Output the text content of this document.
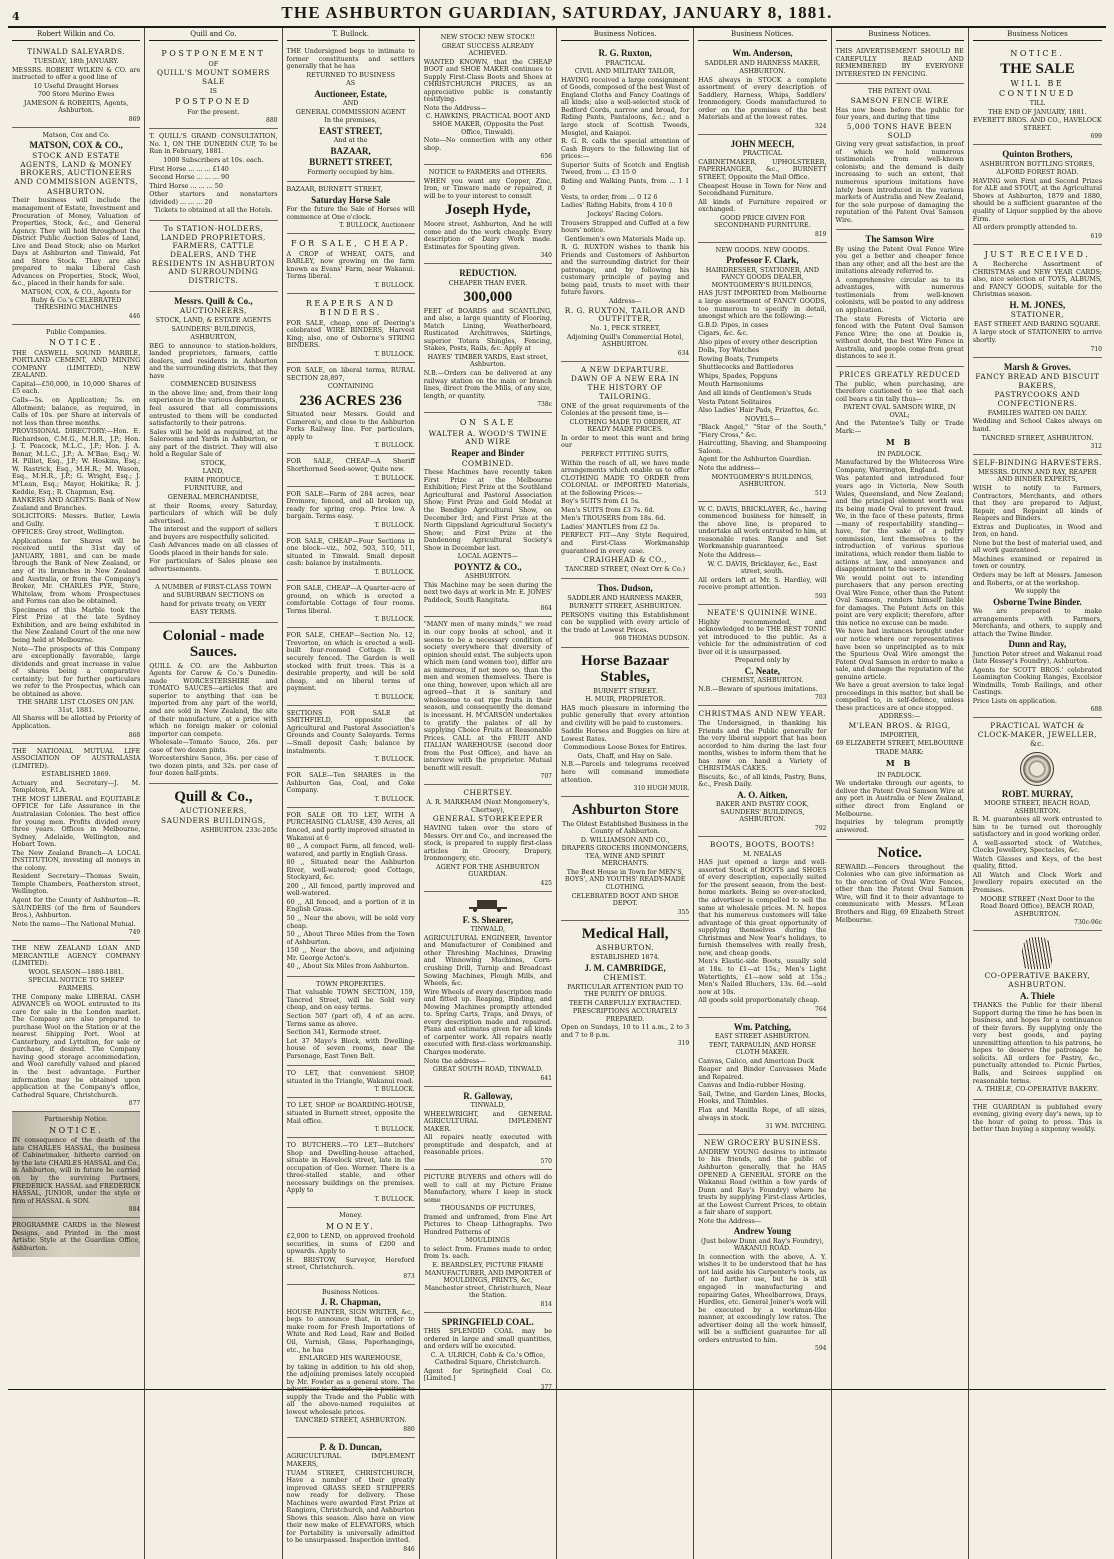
4	THE ASHBURTON GUARDIAN, SATURDAY, JANUARY 8, 1881.
Robert Wilkin and Co.
TINWALD SALEYARDS.
TUESDAY, 18th JANUARY.
MESSRS. ROBERT WILKIN & CO. are instructed to offer a good line of
10 Useful Draught Horses
700 Store Merino Ewes
JAMESON & ROBERTS, Agents, Ashburton.
869
Matson, Cox and Co.
MATSON, COX & CO.,
STOCK AND ESTATE AGENTS, LAND & MONEY BROKERS, AUCTIONEERS AND COMMISSION AGENTS,
ASHBURTON.
Their business will include the management of Estate, Investment and Procuration of Money, Valuation of Properties, Stock, &c., and General Agency. They will hold throughout the District Public Auction Sales of Land, Live and Dead Stock; also on Market Days at Ashburton and Tinwald, Fat and Store Stock. They are also prepared to make Liberal Cash Advances on Properties, Stock, Wool, &c., placed in their hands for sale.
MATSON, COX, & CO., Agents for Ruby & Co.'s CELEBRATED THRESHING MACHINES
446
Public Companies.
NOTICE.
THE CASWELL SOUND MARBLE, PORTLAND CEMENT, AND MINING COMPANY (LIMITED), NEW ZEALAND.
Capital—£50,000, in 10,000 Shares of £5 each.
Calls—5s. on Application; 5s. on Allotment; balance, as required, in Calls of 10s. per Share at intervals of not less than three months.
PROVISIONAL DIRECTORY:—Hon. E. Richardson, C.M.G., M.H.R., J.P.; Hon. J. T. Peacock, M.L.C., J.P.; Hon. J. A. Bonar, M.L.C., J.P.; A. M'Bae, Esq.; W. H. Pilliet, Esq., J.P.; W. Hoskins, Esq.; W. Rastrick, Esq., M.H.R.; M. Wason, Esq., M.H.R., J.P.; G. Wright, Esq.; J. M'Lean, Esq.; Mayor, Hokitika; R. J. Keddie, Esq.; R. Chapman, Esq.
BANKERS AND AGENTS: Bank of New Zealand and Branches.
SOLICITORS: Messrs. Butler, Lewis and Gully.
OFFICES: Grey street, Wellington.
Applications for Shares will be received until the 31st day of JANUARY, 1881, and can be made through the Bank of New Zealand, or any of its branches in New Zealand and Australia, or from the Company's Broker, Mr. CHARLES PYE, Store, Whitelaw, from whom Prospectuses and Forms can also be obtained.
Specimens of this Marble took the First Prize at the late Sydney Exhibition, and are being exhibited in the New Zealand Court of the one now being held at Melbourne.
Note—The prospects of this Company are exceptionally favorable, large dividends and great increase in value of shares being a comparative certainty; but for further particulars we refer to the Prospectus, which can be obtained as above.
THE SHARE LIST CLOSES ON JAN. 31st, 1881.
All Shares will be allotted by Priority of Application.
868
THE NATIONAL MUTUAL LIFE ASSOCIATION OF AUSTRALASIA (LIMITED).
ESTABLISHED 1869.
Actuary and Secretary—J. M. Templeton, F.I.A.
THE MOST LIBERAL and EQUITABLE OFFICE for Life Assurance in the Australasian Colonies. The best office for young men. Profits divided every three years. Offices in Melbourne, Sydney, Adelaide, Wellington, and Hobart Town.
The New Zealand Branch—A LOCAL INSTITUTION, investing all moneys in the colony.
Resident Secretary—Thomas Swain, Temple Chambers, Featherston street, Wellington.
Agent for the County of Ashburton—R. SAUNDERS (of the firm of Saunders Bros.), Ashburton.
Note the name—The National Mutual.
749
THE NEW ZEALAND LOAN AND MERCANTILE AGENCY COMPANY (LIMITED).
WOOL SEASON—1880-1881.
SPECIAL NOTICE TO SHEEP FARMERS.
THE Company make LIBERAL CASH ADVANCES on WOOL entrusted to its care for sale in the London market. The Company are also prepared to purchase Wool on the Station or at the nearest Shipping Port. Wool at Canterbury, and Lyttelton, for sale or purchase, if desired. The Company having good storage accommodation, and Wool carefully valued and placed in the best advantage. Further information may be obtained upon application at the Company's office, Cathedral Square, Christchurch.
877
Partnership Notice.
NOTICE.
IN consequence of the death of the late CHARLES HASSAL, the business of Cabinetmaker, hitherto carried on by the late CHARLES HASSAL and Co., in Ashburton, will in future be carried on by the surviving Partners, FREDERICK HASSAL and FREDERICK HASSAL, JUNIOR, under the style or firm of HASSAL & SON.
884
PROGRAMME CARDS in the Newest Designs, and Printed in the most Artistic Style at the Guardian Office, Ashburton.
Quill and Co.
POSTPONEMENT
OF
QUILL'S MOUNT SOMERS SALE
IS
POSTPONED
For the present.
880
T. QUILL'S GRAND CONSULTATION, No. 1, ON THE DUNEDIN CUP, To be Run in February, 1881.
1000 Subscribers at 10s. each.
First Horse ... ... ... £140
Second Horse ... ... ... 90
Third Horse ... ... ... 50
Other starters and nonstarters (divided) ... ... ... 20
Tickets to obtained at all the Hotels.
To STATION-HOLDERS, LANDED PROPRIETORS, FARMERS, CATTLE DEALERS, AND THE RESIDENTS IN ASHBURTON AND SURROUNDING DISTRICTS.
Messrs. Quill & Co.,
AUCTIONEERS,
STOCK, LAND, & ESTATE AGENTS
SAUNDERS' BUILDINGS,
ASHBURTON,
BEG to announce to station-holders, landed proprietors, farmers, cattle dealers, and residents in Ashburton and the surrounding districts, that they have
COMMENCED BUSINESS
in the above line; and, from their long experience in the various departments, feel assured that all commissions entrusted to them will be conducted satisfactorily to their patrons.
Sales will be held as required, at the Salerooms and Yards in Ashburton, or any part of the district. They will also hold a Regular Sale of
STOCK,
LAND,
FARM PRODUCE,
FURNITURE, and
GENERAL MERCHANDISE,
at their Rooms, every Saturday, particulars of which will be duly advertised.
The interest and the support of sellers and buyers are respectfully solicited.
Cash Advances made on all classes of Goods placed in their hands for sale.
For particulars of Sales please see advertisements.
A NUMBER of FIRST-CLASS TOWN
and SUBURBAN SECTIONS on
hand for private treaty, on VERY
EASY TERMS.
Colonial - made Sauces.
QUILL & CO. are the Ashburton Agents for Carow & Co.'s Dunedin-made WORCESTERSHIRE and TOMATO SAUCES—articles that are superior to anything that can be imported from any part of the world, and are sold in New Zealand, the site of their manufacture, at a price with which no foreign maker or colonial importer can compete.
Wholesale—Tomato Sauce, 26s. per case of two dozen pints.
Worcestershire Sauce, 36s. per case of two dozen pints, and 32s. per case of four dozen half-pints.
Quill & Co.,
AUCTIONEERS,
SAUNDERS BUILDINGS,
ASHBURTON. 233c-205c
T. Bullock.
THE Undersigned begs to intimate to former constituents and settlers generally that he has
RETURNED TO BUSINESS
AS
Auctioneer, Estate,
AND
GENERAL COMMISSION AGENT
In the premises,
EAST STREET,
And at the
BAZAAR,
BURNETT STREET,
Formerly occupied by him.
BAZAAR, BURNETT STREET,
Saturday Horse Sale
For the future the Sale of Horses will commence at One o'clock.
T. BULLOCK, Auctioneer
FOR SALE, CHEAP.
A CROP of WHEAT, OATS, and BARLEY, now growing on the farm known as Evans' Farm, near Wakanui. Terms liberal.
T. BULLOCK.
REAPERS AND BINDERS.
FOR SALE, cheap, one of Deering's celebrated WIRE BINDERS, Harvest King; also, one of Osborne's STRING BINDERS.
T. BULLOCK.
FOR SALE, on liberal terms, RURAL SECTION 28,897,
CONTAINING
236 ACRES 236
Situated near Messrs. Gould and Cameron's, and close to the Ashburton Forks Railway line. For particulars, apply to
T. BULLOCK.
FOR SALE, CHEAP—A Sheriff Shorthorned Seed-sower, Quite new.
T. BULLOCK.
FOR SALE—Farm of 284 acres, near Dromore, fenced, and all broken up, ready for spring crop. Price low. A bargain. Terms easy.
T. BULLOCK.
FOR SALE, CHEAP—Four Sections in one block—viz., 502, 503, 510, 511, situated in Tinwald. Small deposit cash: balance by instalments.
T. BULLOCK.
FOR SALE, CHEAP—A Quarter-acre of ground, on which is erected a comfortable Cottage of four rooms. Terms liberal.
T. BULLOCK.
FOR SALE, CHEAP—Section No. 12, Trevorton, on which is erected a well-built four-roomed Cottage. It is securely fenced. The Garden is well stocked with fruit trees. This is a desirable property, and will be sold cheap, and on liberal terms of payment.
T. BULLOCK.
SECTIONS FOR SALE at SMITHFIELD, opposite the Agricultural and Pastoral Association's Grounds and County Saleyards. Terms—Small deposit Cash; balance by instalments.
T. BULLOCK.
FOR SALE—Ten SHARES in the Ashburton Gas, Coal, and Coke Company.
T. BULLOCK.
FOR SALE OR TO LET, WITH A PURCHASING CLAUSE, 439 Acres, all fenced, and partly improved situated in Wakanui at 6
80 ,, A compact Farm, all fenced, well-watered, and partly in English Grass.
80 ,, Situated near the Ashburton River, well-watered; good Cottage, Stockyard, &c.
200 ,, All fenced, partly improved and well-watered.
60 ,, All fenced, and a portion of it in English Grass.
50 ,, Near the above, will be sold very cheap.
50 ,, About Three Miles from the Town of Ashburton.
150 ,, Near the above, and adjoining Mr. George Acton's.
40 ,, About Six Miles from Ashburton.
TOWN PROPERTIES.
That valuable TOWN SECTION, 159, Tancred Street, will be Sold very cheap, and on easy terms.
Section 507 (part of), 4 of an acre. Terms same as above.
Section 341, Kermode street.
Lot 37 Mayo's Block, with Dwelling-house of seven rooms, near the Parsonage, East Town Belt.
TO LET, that convenient SHOP, situated in the Triangle, Wakanui road.
T. BULLOCK.
TO LET, SHOP or BOARDING-HOUSE, situated in Burnett street, opposite the Mail office.
T. BULLOCK.
TO BUTCHERS.—TO LET—Butchers' Shop and Dwelling-house attached, situate in Havelock street, late in the occupation of Geo. Worner. There is a three-stalled stable, and other necessary buildings on the premises. Apply to
T. BULLOCK.
Money.
MONEY.
£2,000 to LEND, on approved freehold securities, in sums of £200 and upwards. Apply to
H. BRISTOW, Surveyor, Hereford street, Christchurch.
873
Business Notices.
J. R. Chapman,
HOUSE PAINTER, SIGN WRITER, &c., begs to announce that, in order to make room for Fresh Importations of White and Red Lead, Raw and Boiled Oil, Varnish, Glass, Paperhangings, etc., he has
ENLARGED HIS WAREHOUSE,
by taking in addition to his old shop, the adjoining premises lately occupied by Mr. Fowler as a general store. The advertiser is, therefore, in a position to supply the Trade and the Public with all the above-named requisites at lowest wholesale prices.
TANCRED STREET, ASHBURTON.
880
P. & D. Duncan,
AGRICULTURAL IMPLEMENT MAKERS,
TUAM STREET, CHRISTCHURCH, Have a number of their greatly improved GRASS SEED STRIPPERS now ready for delivery. These Machines were awarded First Prize at Rangiora, Christchurch, and Ashburton Shows this season. Also have on view their new make of ELEVATORS, which for Portability is universally admitted to be unsurpassed. Inspection invited.
846
NEW STOCK! NEW STOCK!!
GREAT SUCCESS ALREADY ACHIEVED.
WANTED KNOWN, that the CHEAP BOOT and SHOE MAKER continues to Supply First-Class Boots and Shoes at CHRISTCHURCH PRICES, as an appreciative public is constantly testifying.
Note the Address—
C. HAWKINS, PRACTICAL BOOT AND SHOE MAKER, (Opposite the Post Office, Tinwald).
Note—No connection with any other shop.
656
NOTICE to FARMERS and OTHERS.
WHEN you want any Copper, Zinc, Iron, or Tinware made or repaired, it will be to your interest to consult
Joseph Hyde,
Moore street, Ashburton, And he will come and do the work cheaply. Every description of Dairy Work made. Estimates for Spouting given.
340
REDUCTION.
CHEAPER THAN EVER.
300,000
FEET of BOARDS and SCANTLING, and also, a large quantity of Flooring, Match Lining, Weatherboard, Rusticated Architraves, Skirtings, superior Totara Shingles, Fencing, Stakes, Posts, Rails, &c. Apply at
HAYES' TIMBER YARDS, East street, Ashburton.
N.B.—Orders can be delivered at any railway station on the main or branch lines, direct from the Mills, of any size, length, or quantity.
738c
ON SALE
WALTER A. WOOD'S TWINE AND WIRE
Reaper and Binder
COMBINED.
These Machines have recently taken First Prize at the Melbourne Exhibition; First Prize at the Southland Agricultural and Pastoral Association Show; First Prize and Gold Medal at the Bendigo Agricultural Show, on December 3rd; and First Prize at the North Gippsland Agricultural Society's Show; and First Prize at the Dandenong Agricultural Society's Show in December last.
LOCAL AGENTS—
POYNTZ & CO.,
ASHBURTON.
This Machine may be seen during the next two days at work in Mr. E. JONES' Paddock, South Rangitata.
864
"MANY men of many minds," we read in our copy books at school, and it seems to be a necessary condition of society everywhere that diversity of opinion should exist. The subjects upon which men (and women too), differ are as numerous, if not more so, than the men and women themselves. There is one thing, however, upon which all are agreed—that it is sanitary and wholesome to eat ripe fruits in their season, and consequently the demand is incessant. H. M'CARSON undertakes to gratify the palates of all by supplying Choice Fruits at Reasonable Prices. CALL at the FRUIT AND ITALIAN WAREHOUSE (second door from the Post Office), and have an interview with the proprietor. Mutual benefit will result.
707
CHERTSEY.
A. R. MARKHAM (Next Mongomery's, Chertsey),
GENERAL STOREKEEPER
HAVING taken over the store of Messrs. Orr and Co., and increased the stock, is prepared to supply first-class articles in Grocery, Drapery, Ironmongery, etc.
AGENT FOR THE ASHBURTON GUARDIAN.
425
F. S. Shearer,
TINWALD,
AGRICULTURAL ENGINEER, Inventor and Manufacturer of Combined and other Threshing Machines, Drawing and Winnowing Machines, Corn-crushing Drill, Turnip and Broadcast Sowing Machines, Plough Mills, and Wheels, &c.
Wire Wheels of every description made and fitted up. Reaping, Binding, and Mowing Machines promptly attended to. Spring Carts, Traps, and Drays, of every description made and repaired. Plans and estimates given for all kinds of carpenter work. All repairs neatly executed with first-class workmanship. Charges moderate.
Note the address—
GREAT SOUTH ROAD, TINWALD.
641
R. Galloway,
TINWALD,
WHEELWRIGHT, and GENERAL AGRICULTURAL IMPLEMENT MAKER.
All repairs neatly executed with promptitude and despatch, and at reasonable prices.
570
PICTURE BUYERS and others will do well to call at my Picture Frame Manufactory, where I keep in stock some
THOUSANDS OF PICTURES,
framed and unframed, from Fine Art Pictures to Cheap Lithographs. Two Hundred Patterns of
MOULDINGS
to select from. Frames made to order, from 1s. each.
E. BEARDSLEY, PICTURE FRAME MANUFACTURER, AND IMPORTER of MOULDINGS, PRINTS, &c, Manchester street, Christchurch, Near the Station.
814
SPRINGFIELD COAL.
THIS SPLENDID COAL may be ordered in large and small quantities, and orders will be executed.
C. A. ULRICH, Cobb & Co.'s Office, Cathedral Square, Christchurch.
Agent for Springfield Coal Co. [Limited.]
377
Business Notices.
R. G. Ruxton,
PRACTICAL
CIVIL AND MILITARY TAILOR,
HAVING received a large consignment of Goods, composed of the best West of England Cloths and Fancy Coatings of all kinds; also a well-selected stock of Bedford Cords, narrow and broad, for Riding Pants, Pantaloons, &c.; and a large stock of Scottish Tweeds, Mosgiel, and Kaiapoi.
R. G. R. calls the special attention of Cash Buyers to the following list of prices:—
Superior Suits of Scotch and English Tweed, from ... £3 15 0
Riding and Walking Pants, from ... 1 1 0
Vests, to order, from ... 0 12 6
Ladies' Riding Habits, from 4 10 0
Jockeys' Racing Colors.
Trousers Strapped and Cuffed at a few hours' notice.
Gentlemen's own Materials Made up.
R. G. RUXTON wishes to thank his Friends and Customers of Ashburton and the surrounding district for their patronage, and by following his customary principle of paying and being paid, trusts to meet with their future favors.
Address—
R. G. RUXTON, TAILOR AND OUTFITTER,
No. 1, PECK STREET,
Adjoining Quill's Commercial Hotel, ASHBURTON.
634
A NEW DEPARTURE.
DAWN OF A NEW ERA IN THE HISTORY OF TAILORING.
ONE of the great requirements of the Colonies at the present time, is—
CLOTHING MADE TO ORDER, AT READY MADE PRICES.
In order to meet this want and bring our
PERFECT FITTING SUITS,
Within the reach of all, we have made arrangements which enable us to offer CLOTHING MADE TO ORDER from COLONIAL or IMPORTED Materials, at the following Prices:—
Boy's SUITS from £1 5s.
Men's SUITS from £3 7s. 6d.
Men's TROUSERS from 18s. 6d.
Ladies' MANTLES from £2 5s.
PERFECT FIT—Any Style Required, and First-Class Workmanship guaranteed in every case.
CRAIGHEAD & CO.,
TANCRED STREET, (Next Orr & Co.)
Thos. Dudson,
SADDLER AND HARNESS MAKER,
BURNETT STREET, ASHBURTON.
PERSONS visiting this Establishment can be supplied with every article of the trade at Lowest Prices.
968 THOMAS DUDSON.
Horse Bazaar Stables,
BURNETT STREET.
H. MUIR, PROPRIETOR.
HAS much pleasure in informing the public generally that every attention and civility will be paid to customers.
Saddle Horses and Buggies on hire at Lowest Rates.
Commodious Loose Boxes for Entires.
Oats, Chaff, and Hay on Sale.
N.B.—Parcels and telegrams received here will command immediate attention.
310 HUGH MUIR.
Ashburton Store
The Oldest Established Business in the County of Ashburton.
D. WILLIAMSON AND CO.,
DRAPERS GROCERS IRONMONGERS, TEA, WINE AND SPIRIT MERCHANTS.
The Best House in Town for MEN'S, BOYS', AND YOUTHS' READY-MADE CLOTHING.
CELEBRATED BOOT AND SHOE DEPOT.
355
Medical Hall,
ASHBURTON.
ESTABLISHED 1874.
J. M. CAMBRIDGE,
CHEMIST.
PARTICULAR ATTENTION PAID TO THE PURITY OF DRUGS.
TEETH CAREFULLY EXTRACTED.
PRESCRIPTIONS ACCURATELY PREPARED.
Open on Sundays, 10 to 11 a.m., 2 to 3 and 7 to 8 p.m.
319
Business Notices.
Wm. Anderson,
SADDLER AND HARNESS MAKER,
ASHBURTON.
HAS always in STOCK a complete assortment of every description of Saddlery, Harness, Whips, Saddlers' Ironmongery. Goods manufactured to order on the premises of the best Materials and at the lowest rates.
324
JOHN MEECH,
PRACTICAL
CABINETMAKER, UPHOLSTERER, PAPERHANGER, &c., BURNETT STREET, Opposite the Mail Office.
Cheapest House in Town for New and Secondhand Furniture.
All kinds of Furniture repaired or exchanged.
GOOD PRICE GIVEN FOR SECONDHAND FURNITURE.
819
NEW GOODS. NEW GOODS.
Professor F. Clark,
HAIRDRESSER, STATIONER, AND FANCY GOODS DEALER, MONTGOMERY'S BUILDINGS,
HAS JUST IMPORTED from Melbourne a large assortment of FANCY GOODS, too numerous to specify in detail, amongst which are the following:—
G.B.D. Pipes, in cases
Cigars, &c. &c.
Also pipes of every other description
Dolls, Toy Watches
Rowing Boats, Trumpets
Shuttlecocks and Battledores
Whips, Spades, Popguns
Mouth Harmoniums
And all kinds of Gentlemen's Studs
Vesta Patent Solitaires
Also Ladies' Hair Pads, Frizettes, &c.
NOVELS—
"Black Angel," "Star of the South," "Fiery Cross," &c.
Haircutting, Shaving, and Shampooing Saloon.
Agent for the Ashburton Guardian.
Note the address—
MONTGOMERY'S BUILDINGS, ASHBURTON.
513
W. C. DAVIS, BRICKLAYER, &c., having commenced business for himself, in the above line, is prepared to undertake all work entrusted to him, at reasonable rates. Range and Set Workmanship guaranteed.
Note the Address—
W. C. DAVIS, Bricklayer, &c., East street, south.
All orders left at Mr. S. Hardley, will receive prompt attention.
593
NEATE'S QUININE WINE.
Highly recommended, and acknowledged to be THE BEST TONIC yet introduced to the public. As a vehicle for the administration of cod liver oil it is unsurpassed.
Prepared only by
C. Neate,
CHEMIST, ASHBURTON.
N.B.—Beware of spurious imitations.
703
CHRISTMAS AND NEW YEAR.
The Undersigned, in thanking his Friends and the Public generally for the very liberal support that has been accorded to him during the last four months, wishes to inform them that he has now on hand a Variety of CHRISTMAS CAKES.
Biscuits, &c., of all kinds, Pastry, Buns, &c., Fresh Daily.
A. O. Aitken,
BAKER AND PASTRY COOK, SAUNDERS' BUILDINGS, ASHBURTON.
792
BOOTS, BOOTS, BOOTS!
M. NEALAS
HAS just opened a large and well-assorted Stock of BOOTS and SHOES of every description, especially suited for the present season, from the best-home markets. Being so over-stocked, the advertiser is compelled to sell the same at wholesale prices. M. N. hopes that his numerous customers will take advantage of this great opportunity of supplying themselves during the Christmas and New Year's holidays, to furnish themselves with really fresh, new, and cheap goods.
Men's Elastic-side Boots, usually sold at 18s. to £1—at 15s.; Men's Light Watertights, £1—now sold at 15s.; Men's Nailed Bluchers, 13s. 6d.—sold now at 10s.
All goods sold proportionately cheap.
764
Wm. Patching,
EAST STREET ASHBURTON.
TENT, TARPAULIN, AND HORSE CLOTH MAKER.
Canvas, Calico, and American Duck
Reaper and Binder Canvasses Made and Repaired.
Canvas and India-rubber Hosing.
Sail, Twine, and Garden Lines, Blocks, Hooks, and Thimbles.
Flax and Manilla Rope, of all sizes, always in stock.
31 WM. PATCHING.
NEW GROCERY BUSINESS.
ANDREW YOUNG desires to intimate to his friends, and the public of Ashburton generally, that he HAS OPENED A GENERAL STORE on the Wakanui Road (within a few yards of Dunn and Ray's Foundry) where he trusts by supplying First-class Articles, at the Lowest Current Prices, to obtain a fair share of support.
Note the Address—
Andrew Young
(Just below Dunn and Ray's Foundry), WAKANUI ROAD.
In connection with the above, A. Y. wishes it to be understood that he has not laid aside his Carpenter's tools, as of no further use, but he is still engaged in manufacturing and repairing Gates, Wheelbarrows, Drays, Hurdles, etc. General Joiner's work will be executed by a workman-like manner, at exceedingly low rates. The advertiser doing all the work himself, will be a sufficient guarantee for all orders entrusted to him.
594
Business Notices.
THIS ADVERTISEMENT SHOULD BE CAREFULLY READ AND REMEMBERED BY EVERYONE INTERESTED IN FENCING.
THE PATENT OVAL
SAMSON FENCE WIRE
Has now been before the public for four years, and during that time
5,000 TONS HAVE BEEN SOLD
Giving very great satisfaction, in proof of which we hold numerous testimonials from well-known colonists; and the demand is daily increasing to such an extent, that numerous spurious imitations have lately been introduced in the various markets of Australia and New Zealand, for the sole purpose of damaging the reputation of the Patent Oval Samson Wire.
The Samson Wire
By using the Patent Oval Fence Wire you get a better and cheaper fence than any other, and all the best are the imitations already referred to.
A comprehensive circular as to its advantages, with numerous testimonials from well-known colonists, will be posted to any address on application.
The state Forests of Victoria are fenced with the Patent Oval Samson Fence Wire; the one at Doukie is, without doubt, the best Wire Fence in Australia, and people come from great distances to see it.
PRICES GREATLY REDUCED
The public, when purchasing, are therefore cautioned to see that each coil bears a tin tally thus—
PATENT OVAL SAMSON WIRE, IN OVAL;
And the Patentee's Tally or Trade Mark:—
M B
IN PADLOCK.
Manufactured by the Whitecross Wire Company, Warrington, England.
Was patented and introduced four years ago in Victoria, New South Wales, Queensland, and New Zealand; and the principal element worth was its being made Oval to prevent fraud. We, in the face of these patents, firms—many of respectability standing—have, for the sake of a paltry commission, lent themselves to the introduction of various spurious imitations, which render them liable to actions at law, and annoyance and disappointment to the users.
We would point out to intending purchasers that any person erecting Oval Wire Fence, other than the Patent Oval Samson, renders himself liable for damages. The Patent Acts on this point are very explicit; therefore, after this notice no excuse can be made.
We have had instances brought under our notice where our representatives have been so unprincipled as to mix the Spurious Oval Wire amongst the Patent Oval Samson in order to make a sale, and damage the reputation of the genuine article.
We have a great aversion to take legal proceedings in this matter, but shall be compelled to, in self-defence, unless these practices are at once stopped.
ADDRESS:—
M'LEAN BROS. & RIGG,
IMPORTER,
69 ELIZABETH STREET, MELBOURNE
TRADE MARK:
M B
IN PADLOCK.
We undertake through our agents, to deliver the Patent Oval Samson Wire at any port in Australia or New Zealand, either direct from England or Melbourne.
Inquiries by telegram promptly answered.
Notice.
REWARD.—Fencers throughout the Colonies who can give information as to the erection of Oval Wire Fences, other than the Patent Oval Samson Wire, will find it to their advantage to communicate with Messrs. M'Lean Brothers and Rigg, 69 Elizabeth Street Melbourne.
Business Notices
NOTICE.
THE SALE
WILL BE CONTINUED
TILL
THE END OF JANUARY, 1881.
EVERETT BROS. AND CO., HAVELOCK STREET.
699
Quinton Brothers,
ASHBURTON BOTTLING STORES,
ALFORD FOREST ROAD.
HAVING won First and Second Prizes for ALE and STOUT, at the Agricultural Shows at Ashburton, 1879 and 1880, should be a sufficient guarantee of the quality of Liquor supplied by the above Firm.
All orders promptly attended to.
619
JUST RECEIVED.
A Recherche Assortment of CHRISTMAS and NEW YEAR CARDS; also, nice selection of TOYS, ALBUMS, and FANCY GOODS, suitable for the Christmas season.
H. M. JONES,
STATIONER,
EAST STREET AND BARING SQUARE.
A large stock of STATIONERY to arrive shortly.
710
Marsh & Groves.
FANCY BREAD AND BISCUIT BAKERS,
PASTRYCOOKS AND CONFECTIONERS.
FAMILIES WAITED ON DAILY.
Wedding and School Cakes always on hand.
TANCRED STREET, ASHBURTON.
312
SELF-BINDING HARVESTERS.
MESSRS. DUNN AND RAY, REAPER AND BINDER EXPERTS,
WISH to notify to Farmers, Contractors, Merchants, and others that they are prepared to Adjust, Repair, and Repaint all kinds of Reapers and Binders.
Extras and Duplicates, in Wood and Iron, on hand.
None but the best of material used, and all work guaranteed.
Machines examined or repaired in town or country.
Orders may be left at Messrs. Jameson and Roberts, or at the workshop.
We supply the
Osborne Twine Binder.
We are prepared to make arrangements with Farmers, Merchants, and others, to supply and attach the Twine Binder.
Dunn and Ray,
Junction Peter street and Wakanui road (late Hessey's Foundry), Ashburton.
Agents for SCOTT BROS.' celebrated Leamington Cooking Ranges, Excelsior Windmills, Tomb Railings, and other Castings.
Price Lists on application.
688
PRACTICAL WATCH & CLOCK-MAKER, JEWELLER, &c.
ROBT. MURRAY,
MOORE STREET, BEACH ROAD, ASHBURTON.
R. M. guarantees all work entrusted to him to be turned out thoroughly satisfactory and in good working order.
A well-assorted stock of Watches, Clocks Jewellery, Spectacles, &c.
Watch Glasses and Keys, of the best quality, fitted.
All Watch and Clock Work and Jewellery repairs executed on the Premises.
MOORE STREET (Next Door to the Road Board Office), BEACH ROAD, ASHBURTON.
730c-96c
CO-OPERATIVE BAKERY, ASHBURTON.
A. Thiele
THANKS the Public for their liberal Support during the time he has been in business, and hopes for a continuance of their favors. By supplying only the very best goods, and paying unremitting attention to his patrons, he hopes to deserve the patronage he solicits. All orders for Pastry, &c., punctually attended to. Picnic Parties, Balls, and Soirees supplied on reasonable terms.
A. THIELE, CO-OPERATIVE BAKERY.
THE GUARDIAN is published every evening, giving every day's news, up to the hour of going to press. This is better than buying a sixpenny weekly.
